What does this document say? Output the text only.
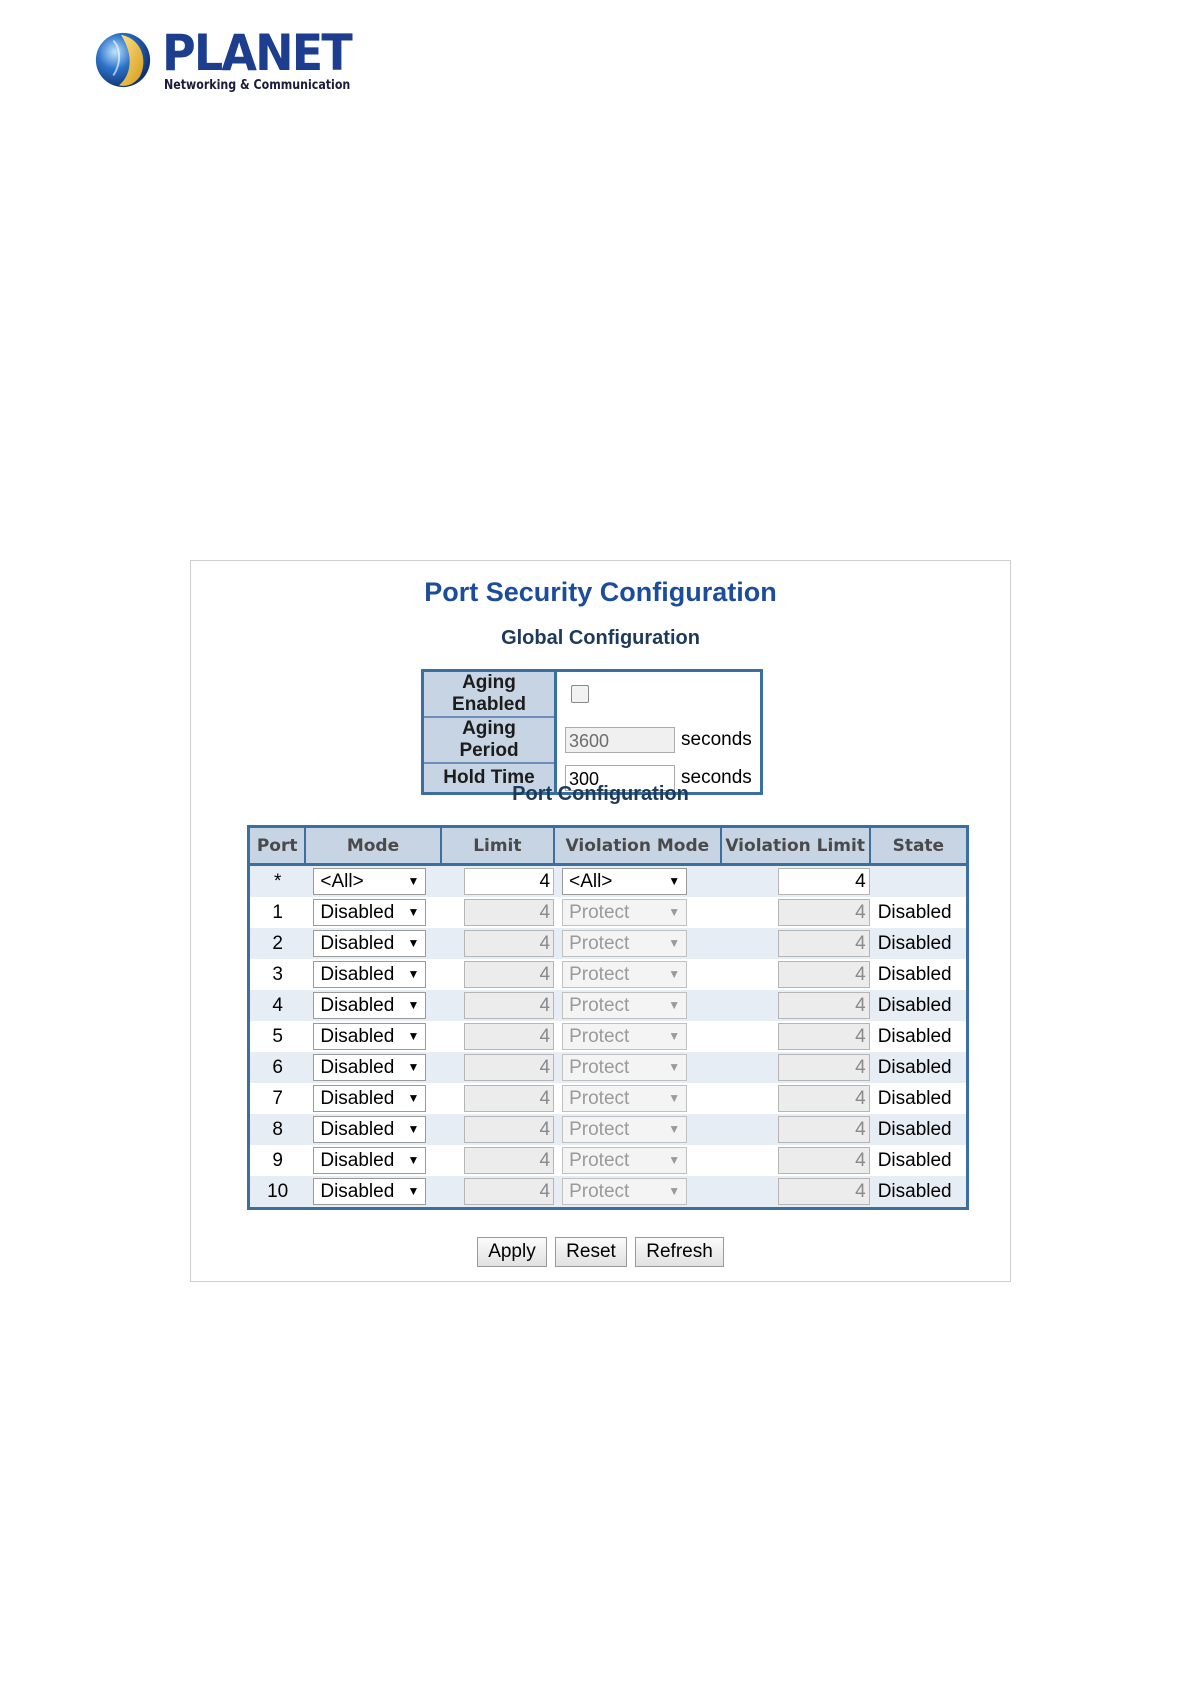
PLANET
Networking & Communication
Port Security Configuration
Global Configuration
Aging Enabled	
Aging Period	3600 seconds
Hold Time	300 seconds
Port Configuration
Port	Mode	Limit	Violation Mode	Violation Limit	State
*	<All> ▼	4	<All> ▼	4	
1	Disabled ▼	4	Protect ▼	4	Disabled
2	Disabled ▼	4	Protect ▼	4	Disabled
3	Disabled ▼	4	Protect ▼	4	Disabled
4	Disabled ▼	4	Protect ▼	4	Disabled
5	Disabled ▼	4	Protect ▼	4	Disabled
6	Disabled ▼	4	Protect ▼	4	Disabled
7	Disabled ▼	4	Protect ▼	4	Disabled
8	Disabled ▼	4	Protect ▼	4	Disabled
9	Disabled ▼	4	Protect ▼	4	Disabled
10	Disabled ▼	4	Protect ▼	4	Disabled
Apply Reset Refresh
